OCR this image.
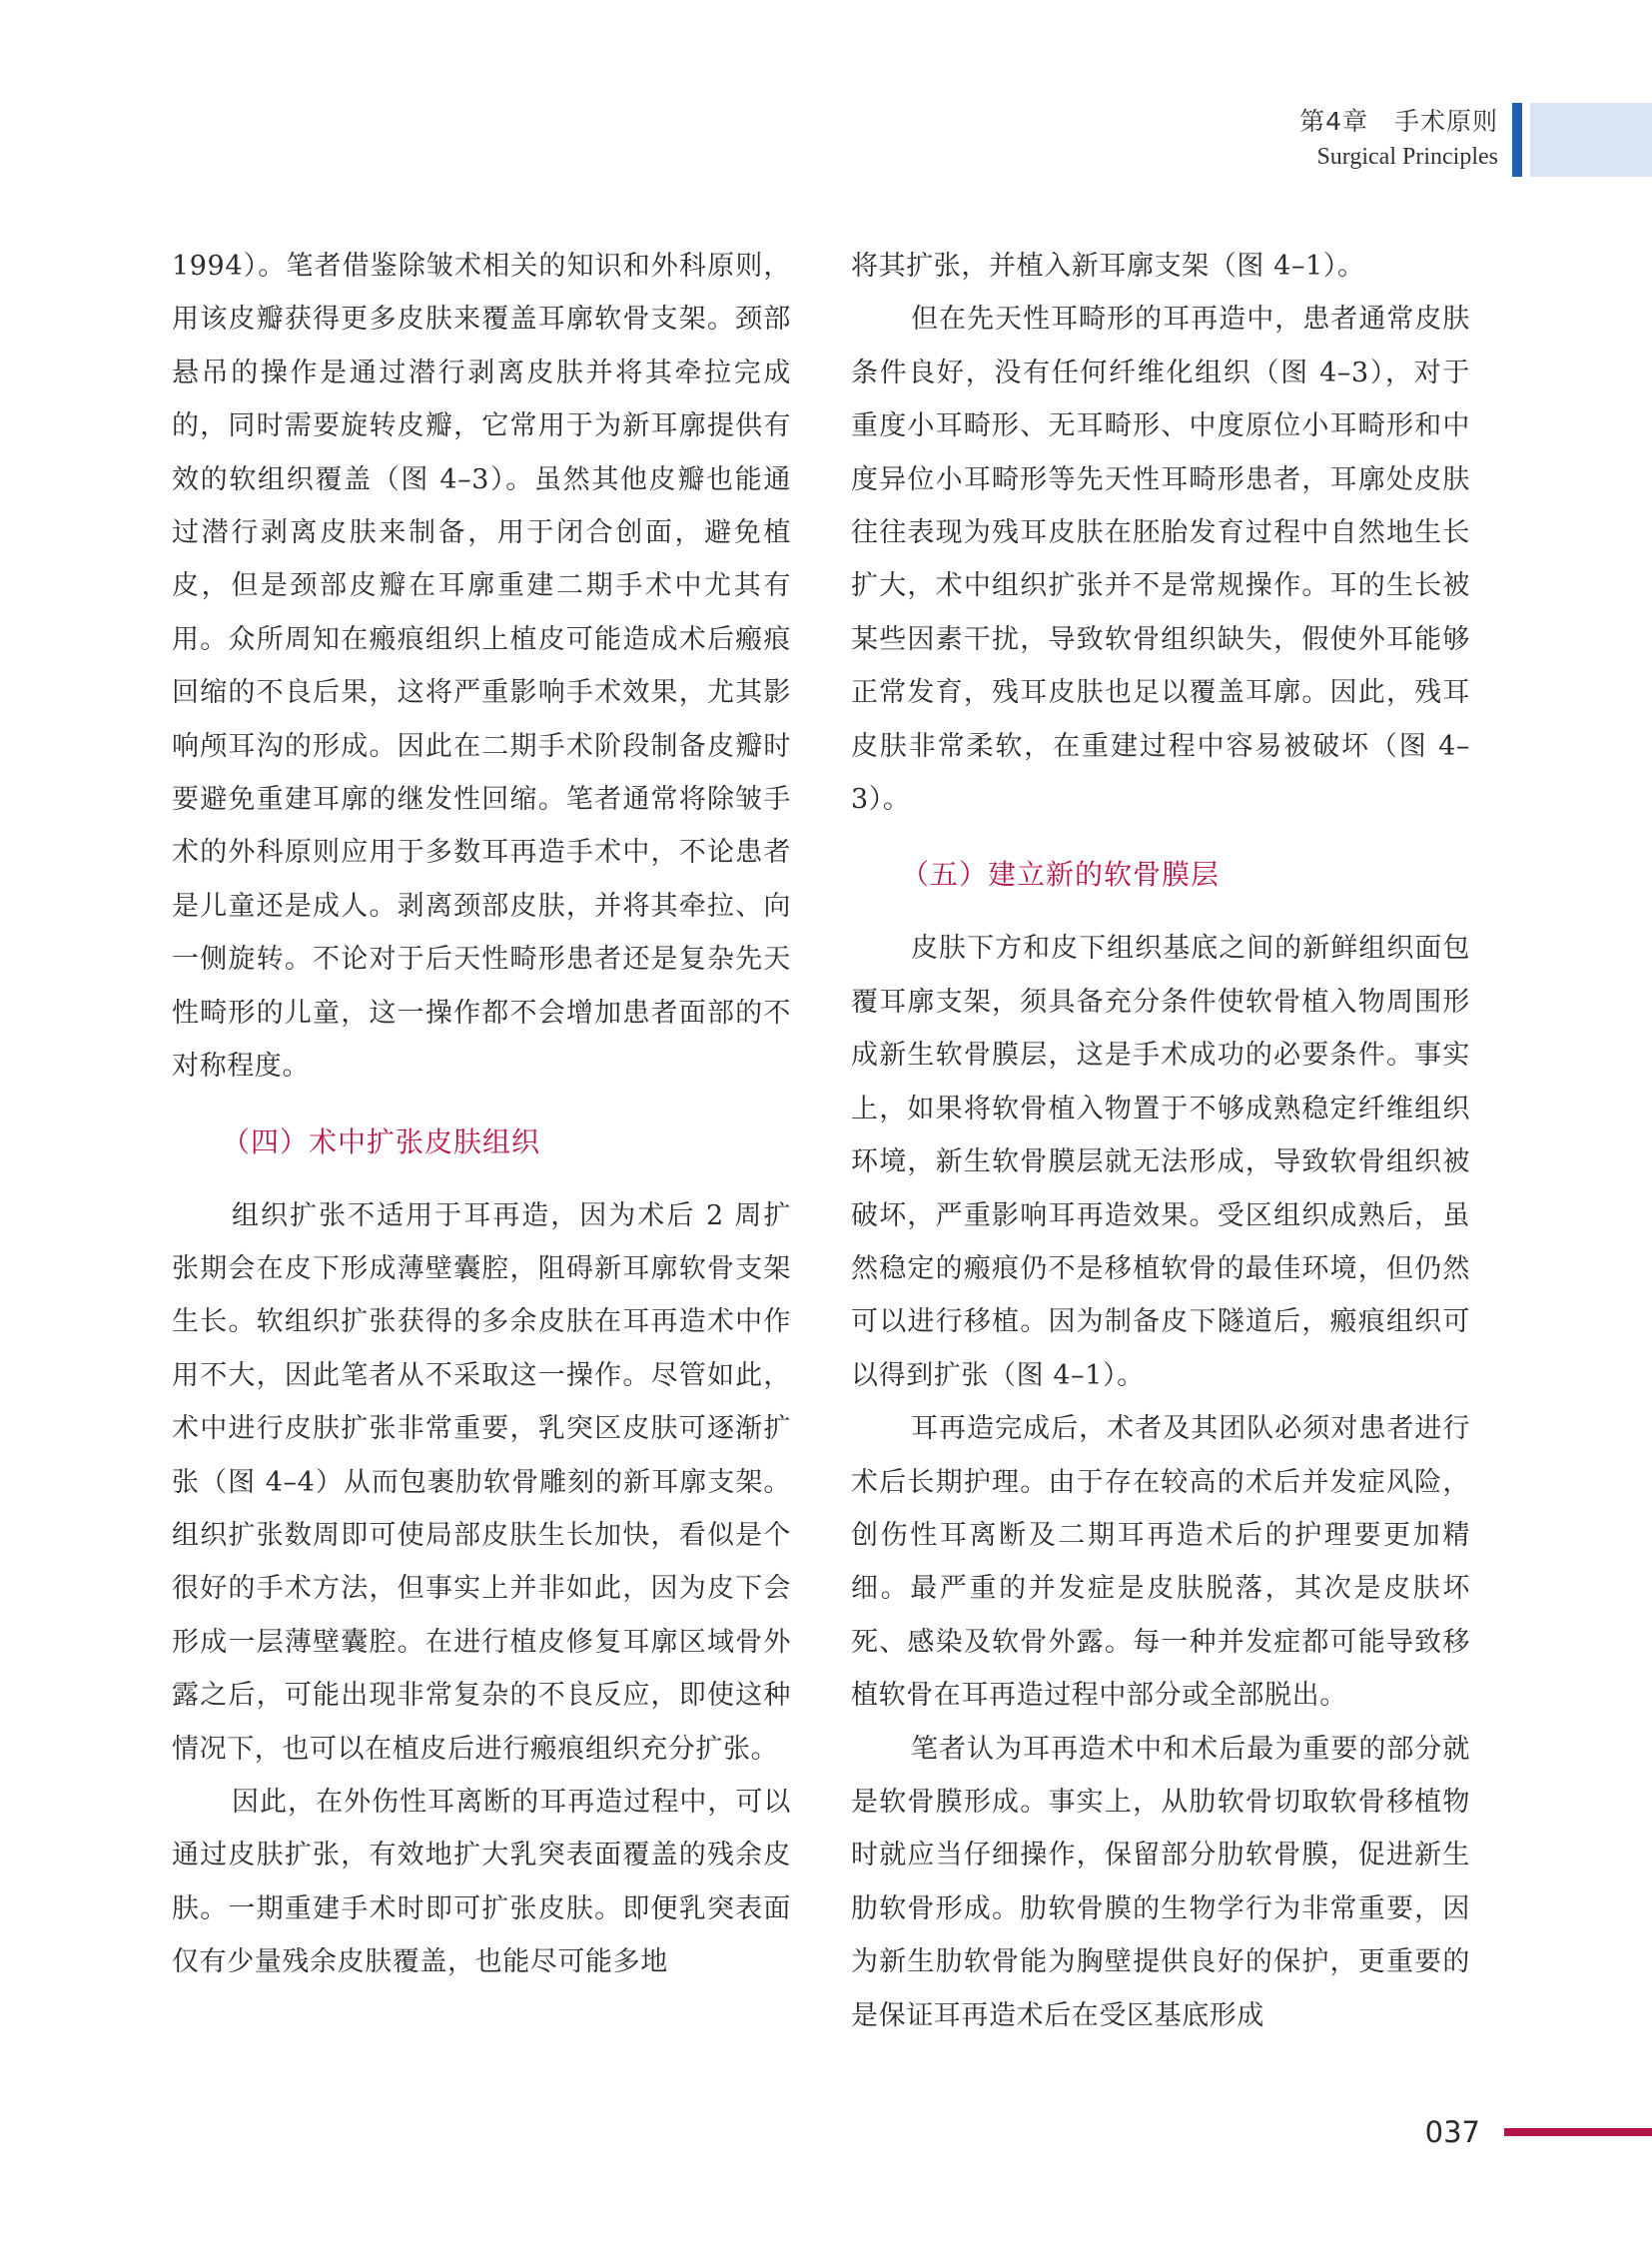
第4章　手术原则
Surgical Principles

1994）。笔者借鉴除皱术相关的知识和外科原则，用该皮瓣获得更多皮肤来覆盖耳廓软骨支架。颈部悬吊的操作是通过潜行剥离皮肤并将其牵拉完成的，同时需要旋转皮瓣，它常用于为新耳廓提供有效的软组织覆盖（图 4–3）。虽然其他皮瓣也能通过潜行剥离皮肤来制备，用于闭合创面，避免植皮，但是颈部皮瓣在耳廓重建二期手术中尤其有用。众所周知在瘢痕组织上植皮可能造成术后瘢痕回缩的不良后果，这将严重影响手术效果，尤其影响颅耳沟的形成。因此在二期手术阶段制备皮瓣时要避免重建耳廓的继发性回缩。笔者通常将除皱手术的外科原则应用于多数耳再造手术中，不论患者是儿童还是成人。剥离颈部皮肤，并将其牵拉、向一侧旋转。不论对于后天性畸形患者还是复杂先天性畸形的儿童，这一操作都不会增加患者面部的不对称程度。

（四）术中扩张皮肤组织

组织扩张不适用于耳再造，因为术后 2 周扩张期会在皮下形成薄壁囊腔，阻碍新耳廓软骨支架生长。软组织扩张获得的多余皮肤在耳再造术中作用不大，因此笔者从不采取这一操作。尽管如此，术中进行皮肤扩张非常重要，乳突区皮肤可逐渐扩张（图 4–4）从而包裹肋软骨雕刻的新耳廓支架。组织扩张数周即可使局部皮肤生长加快，看似是个很好的手术方法，但事实上并非如此，因为皮下会形成一层薄壁囊腔。在进行植皮修复耳廓区域骨外露之后，可能出现非常复杂的不良反应，即使这种情况下，也可以在植皮后进行瘢痕组织充分扩张。

因此，在外伤性耳离断的耳再造过程中，可以通过皮肤扩张，有效地扩大乳突表面覆盖的残余皮肤。一期重建手术时即可扩张皮肤。即便乳突表面仅有少量残余皮肤覆盖，也能尽可能多地

将其扩张，并植入新耳廓支架（图 4–1）。

但在先天性耳畸形的耳再造中，患者通常皮肤条件良好，没有任何纤维化组织（图 4–3），对于重度小耳畸形、无耳畸形、中度原位小耳畸形和中度异位小耳畸形等先天性耳畸形患者，耳廓处皮肤往往表现为残耳皮肤在胚胎发育过程中自然地生长扩大，术中组织扩张并不是常规操作。耳的生长被某些因素干扰，导致软骨组织缺失，假使外耳能够正常发育，残耳皮肤也足以覆盖耳廓。因此，残耳皮肤非常柔软，在重建过程中容易被破坏（图 4–3）。

（五）建立新的软骨膜层

皮肤下方和皮下组织基底之间的新鲜组织面包覆耳廓支架，须具备充分条件使软骨植入物周围形成新生软骨膜层，这是手术成功的必要条件。事实上，如果将软骨植入物置于不够成熟稳定纤维组织环境，新生软骨膜层就无法形成，导致软骨组织被破坏，严重影响耳再造效果。受区组织成熟后，虽然稳定的瘢痕仍不是移植软骨的最佳环境，但仍然可以进行移植。因为制备皮下隧道后，瘢痕组织可以得到扩张（图 4–1）。

耳再造完成后，术者及其团队必须对患者进行术后长期护理。由于存在较高的术后并发症风险，创伤性耳离断及二期耳再造术后的护理要更加精细。最严重的并发症是皮肤脱落，其次是皮肤坏死、感染及软骨外露。每一种并发症都可能导致移植软骨在耳再造过程中部分或全部脱出。

笔者认为耳再造术中和术后最为重要的部分就是软骨膜形成。事实上，从肋软骨切取软骨移植物时就应当仔细操作，保留部分肋软骨膜，促进新生肋软骨形成。肋软骨膜的生物学行为非常重要，因为新生肋软骨能为胸壁提供良好的保护，更重要的是保证耳再造术后在受区基底形成

037
